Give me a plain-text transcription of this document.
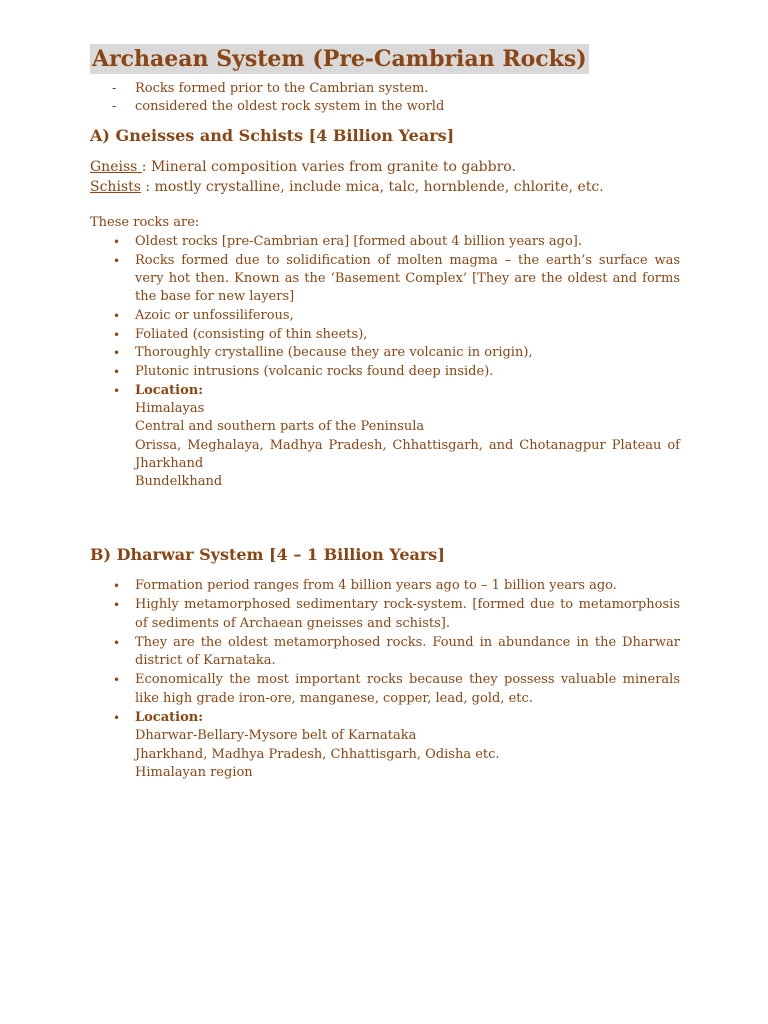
Archaean System (Pre-Cambrian Rocks)
- Rocks formed prior to the Cambrian system.
- considered the oldest rock system in the world
A) Gneisses and Schists [4 Billion Years]
Gneiss : Mineral composition varies from granite to gabbro.
Schists : mostly crystalline, include mica, talc, hornblende, chlorite, etc.
These rocks are:
• Oldest rocks [pre-Cambrian era] [formed about 4 billion years ago].
• Rocks formed due to solidification of molten magma – the earth’s surface was very hot then. Known as the ‘Basement Complex’ [They are the oldest and forms the base for new layers]
• Azoic or unfossiliferous,
• Foliated (consisting of thin sheets),
• Thoroughly crystalline (because they are volcanic in origin),
• Plutonic intrusions (volcanic rocks found deep inside).
• Location:
Himalayas
Central and southern parts of the Peninsula
Orissa, Meghalaya, Madhya Pradesh, Chhattisgarh, and Chotanagpur Plateau of Jharkhand
Bundelkhand
B) Dharwar System [4 – 1 Billion Years]
• Formation period ranges from 4 billion years ago to – 1 billion years ago.
• Highly metamorphosed sedimentary rock-system. [formed due to metamorphosis of sediments of Archaean gneisses and schists].
• They are the oldest metamorphosed rocks. Found in abundance in the Dharwar district of Karnataka.
• Economically the most important rocks because they possess valuable minerals like high grade iron-ore, manganese, copper, lead, gold, etc.
• Location:
Dharwar-Bellary-Mysore belt of Karnataka
Jharkhand, Madhya Pradesh, Chhattisgarh, Odisha etc.
Himalayan region
